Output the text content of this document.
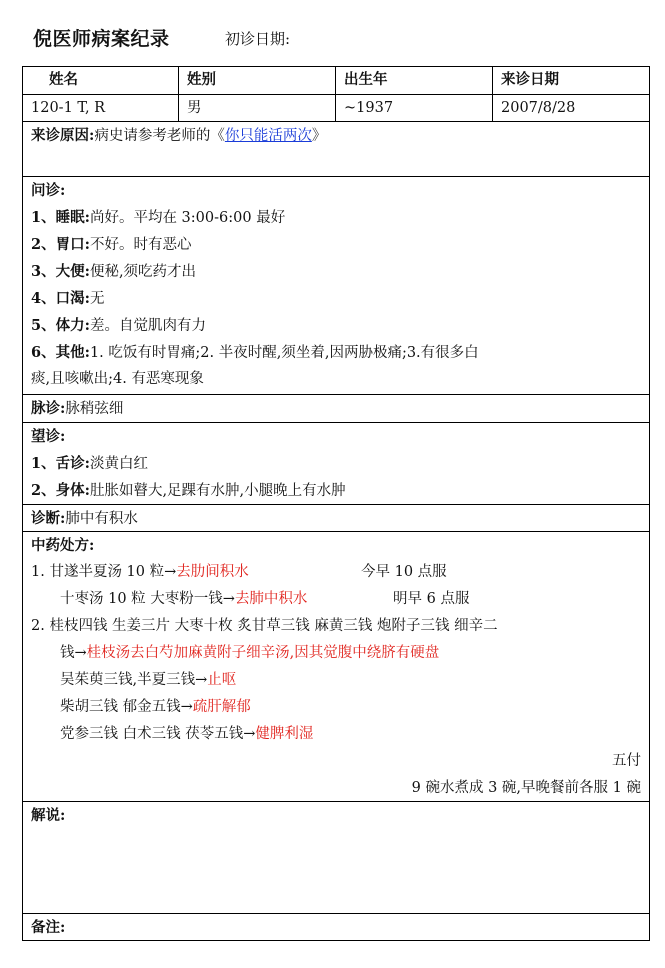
倪医师病案纪录	初诊日期:
姓名	姓别	出生年	来诊日期
120-1 T, R	男	~1937	2007/8/28
来诊原因:病史请参考老师的《你只能活两次》
问诊:
1、睡眠:尚好。平均在 3:00-6:00 最好
2、胃口:不好。时有恶心
3、大便:便秘,须吃药才出
4、口渴:无
5、体力:差。自觉肌肉有力
6、其他:1. 吃饭有时胃痛;2. 半夜时醒,须坐着,因两胁极痛;3.有很多白
痰,且咳嗽出;4. 有恶寒现象
脉诊:脉稍弦细
望诊:
1、舌诊:淡黄白红
2、身体:肚胀如瞽大,足踝有水肿,小腿晚上有水肿
诊断:肺中有积水
中药处方:
1. 甘遂半夏汤 10 粒→去肋间积水	今早 10 点服
十枣汤 10 粒 大枣粉一钱→去肺中积水	明早 6 点服
2. 桂枝四钱 生姜三片 大枣十枚 炙甘草三钱 麻黄三钱 炮附子三钱 细辛二
钱→桂枝汤去白芍加麻黄附子细辛汤,因其觉腹中绕脐有硬盘
吴茱萸三钱,半夏三钱→止呕
柴胡三钱 郁金五钱→疏肝解郁
党参三钱 白术三钱 茯苓五钱→健脾利湿
五付
9 碗水煮成 3 碗,早晚餐前各服 1 碗
解说:
备注:
